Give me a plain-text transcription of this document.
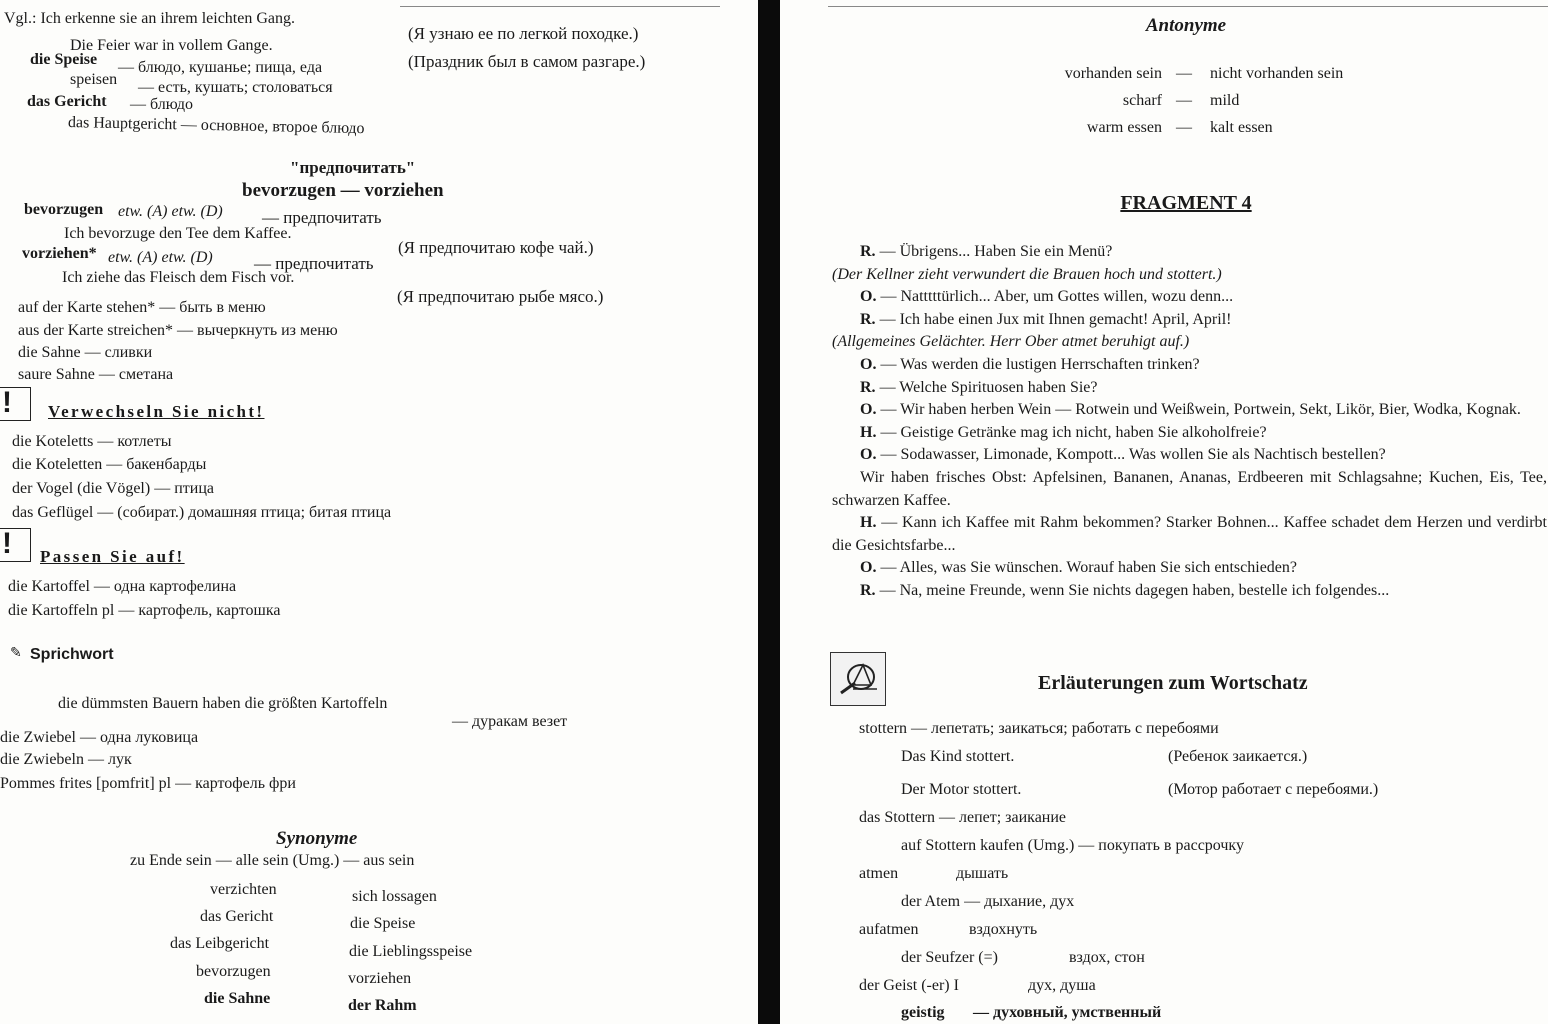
Vgl.: Ich erkenne sie an ihrem leichten Gang.
(Я узнаю ее по легкой походке.)
Die Feier war in vollem Gange.
(Праздник был в самом разгаре.)
die Speise — блюдо, кушанье; пища, еда
speisen — есть, кушать; столоваться
das Gericht — блюдо
das Hauptgericht — основное, второе блюдо
"предпочитать"
bevorzugen — vorziehen
bevorzugen etw. (A) etw. (D) — предпочитать
Ich bevorzuge den Tee dem Kaffee.
(Я предпочитаю кофе чай.)
vorziehen* etw. (A) etw. (D) — предпочитать
Ich ziehe das Fleisch dem Fisch vor.
(Я предпочитаю рыбе мясо.)
auf der Karte stehen* — быть в меню
aus der Karte streichen* — вычеркнуть из меню
die Sahne — сливки
saure Sahne — сметана
! Verwechseln Sie nicht!
die Koteletts — котлеты
die Koteletten — бакенбарды
der Vogel (die Vögel) — птица
das Geflügel — (собират.) домашняя птица; битая птица
! Passen Sie auf!
die Kartoffel — одна картофелина
die Kartoffeln pl — картофель, картошка
✎ Sprichwort
die dümmsten Bauern haben die größten Kartoffeln
— дуракам везет
die Zwiebel — одна луковица
die Zwiebeln — лук
Pommes frites [pomfrit] pl — картофель фри
Synonyme
zu Ende sein — alle sein (Umg.) — aus sein
verzichten	sich lossagen
das Gericht	die Speise
das Leibgericht	die Lieblingsspeise
bevorzugen	vorziehen
die Sahne	der Rahm
Antonyme
vorhanden sein — nicht vorhanden sein
scharf — mild
warm essen — kalt essen
FRAGMENT 4

R. — Übrigens... Haben Sie ein Menü?

(Der Kellner zieht verwundert die Brauen hoch und stottert.)

O. — Natttttürlich... Aber, um Gottes willen, wozu denn...

R. — Ich habe einen Jux mit Ihnen gemacht! April, April!

(Allgemeines Gelächter. Herr Ober atmet beruhigt auf.)

O. — Was werden die lustigen Herrschaften trinken?

R. — Welche Spirituosen haben Sie?

O. — Wir haben herben Wein — Rotwein und Weißwein, Portwein, Sekt, Likör, Bier, Wodka, Kognak.

H. — Geistige Getränke mag ich nicht, haben Sie alkoholfreie?

O. — Sodawasser, Limonade, Kompott... Was wollen Sie als Nachtisch bestellen?

Wir haben frisches Obst: Apfelsinen, Bananen, Ananas, Erdbeeren mit Schlagsahne; Kuchen, Eis, Tee, schwarzen Kaffee.

H. — Kann ich Kaffee mit Rahm bekommen? Starker Bohnen... Kaffee schadet dem Herzen und verdirbt die Gesichtsfarbe...

O. — Alles, was Sie wünschen. Worauf haben Sie sich entschieden?

R. — Na, meine Freunde, wenn Sie nichts dagegen haben, bestelle ich folgendes...

Erläuterungen zum Wortschatz
stottern — лепетать; заикаться; работать с перебоями
Das Kind stottert.	(Ребенок заикается.)
Der Motor stottert.	(Мотор работает с перебоями.)
das Stottern — лепет; заикание
auf Stottern kaufen (Umg.) — покупать в рассрочку
atmen	дышать
der Atem — дыхание, дух
aufatmen	вздохнуть
der Seufzer (=)	вздох, стон
der Geist (-er) I	дух, душа
geistig — духовный, умственный
